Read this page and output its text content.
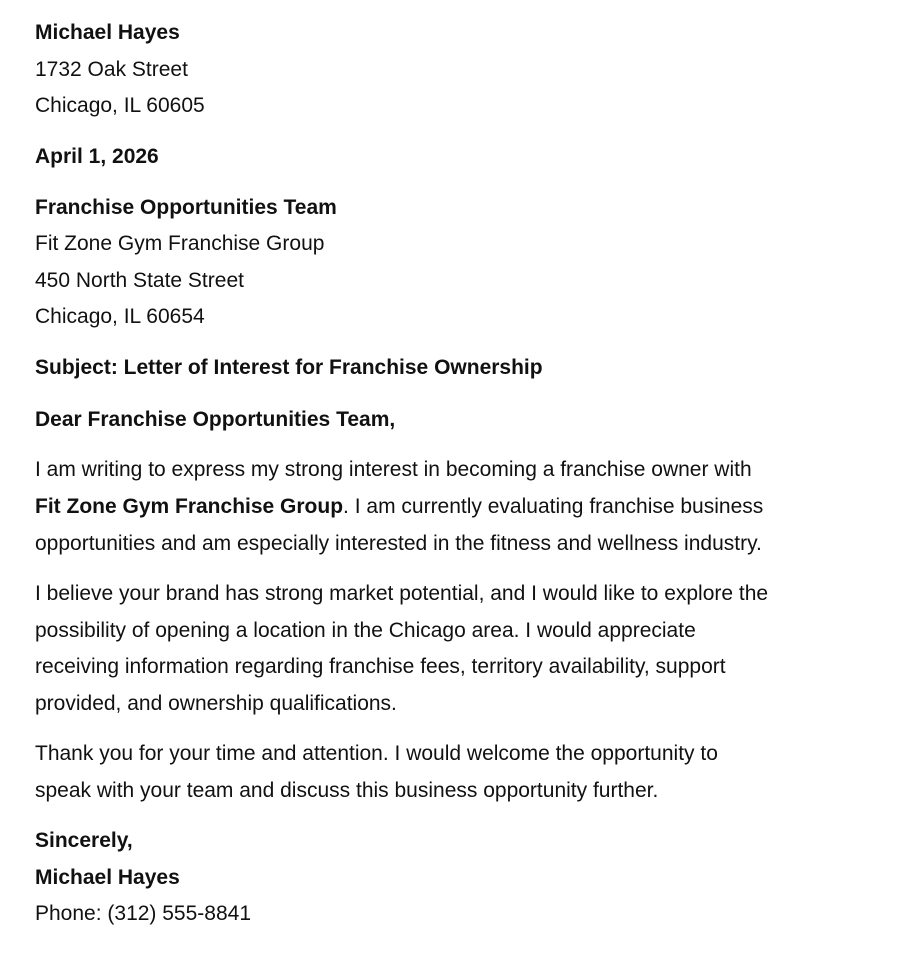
Michael Hayes
1732 Oak Street
Chicago, IL 60605
April 1, 2026
Franchise Opportunities Team
Fit Zone Gym Franchise Group
450 North State Street
Chicago, IL 60654
Subject: Letter of Interest for Franchise Ownership
Dear Franchise Opportunities Team,
I am writing to express my strong interest in becoming a franchise owner with
Fit Zone Gym Franchise Group. I am currently evaluating franchise business
opportunities and am especially interested in the fitness and wellness industry.
I believe your brand has strong market potential, and I would like to explore the
possibility of opening a location in the Chicago area. I would appreciate
receiving information regarding franchise fees, territory availability, support
provided, and ownership qualifications.
Thank you for your time and attention. I would welcome the opportunity to
speak with your team and discuss this business opportunity further.
Sincerely,
Michael Hayes
Phone: (312) 555-8841
